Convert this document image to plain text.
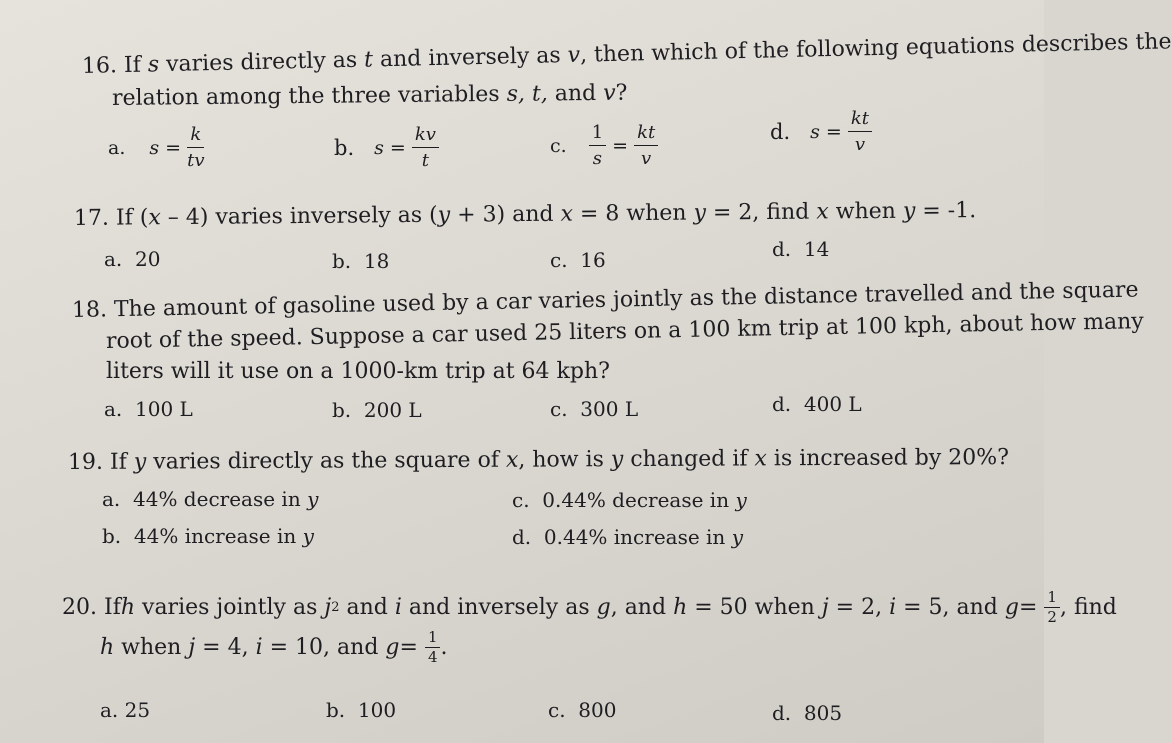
16. If s varies directly as t and inversely as v, then which of the following equations describes the
relation among the three variables s, t, and v?
a. $s = \frac{k}{tv}$	b. $s = \frac{kv}{t}$	c. $\frac{1}{s} = \frac{kt}{v}$	d. $s = \frac{kt}{v}$
17. If (x – 4) varies inversely as (y + 3) and x = 8 when y = 2, find x when y = -1.
a. 20	b. 18	c. 16	d. 14
18. The amount of gasoline used by a car varies jointly as the distance travelled and the square
root of the speed. Suppose a car used 25 liters on a 100 km trip at 100 kph, about how many
liters will it use on a 1000-km trip at 64 kph?
a. 100 L	b. 200 L	c. 300 L	d. 400 L
19. If y varies directly as the square of x, how is y changed if x is increased by 20%?
a. 44% decrease in y	c. 0.44% decrease in y
b. 44% increase in y	d. 0.44% increase in y
20.
If h varies jointly as j 2 and i and inversely as g , and h = 50 when j = 2, i = 5, and g =
$\frac{1}{2}$ , find
h when j = 4, i = 10, and g =
$\frac{1}{4}$ .
a. 25	b. 100	c. 800	d. 805
